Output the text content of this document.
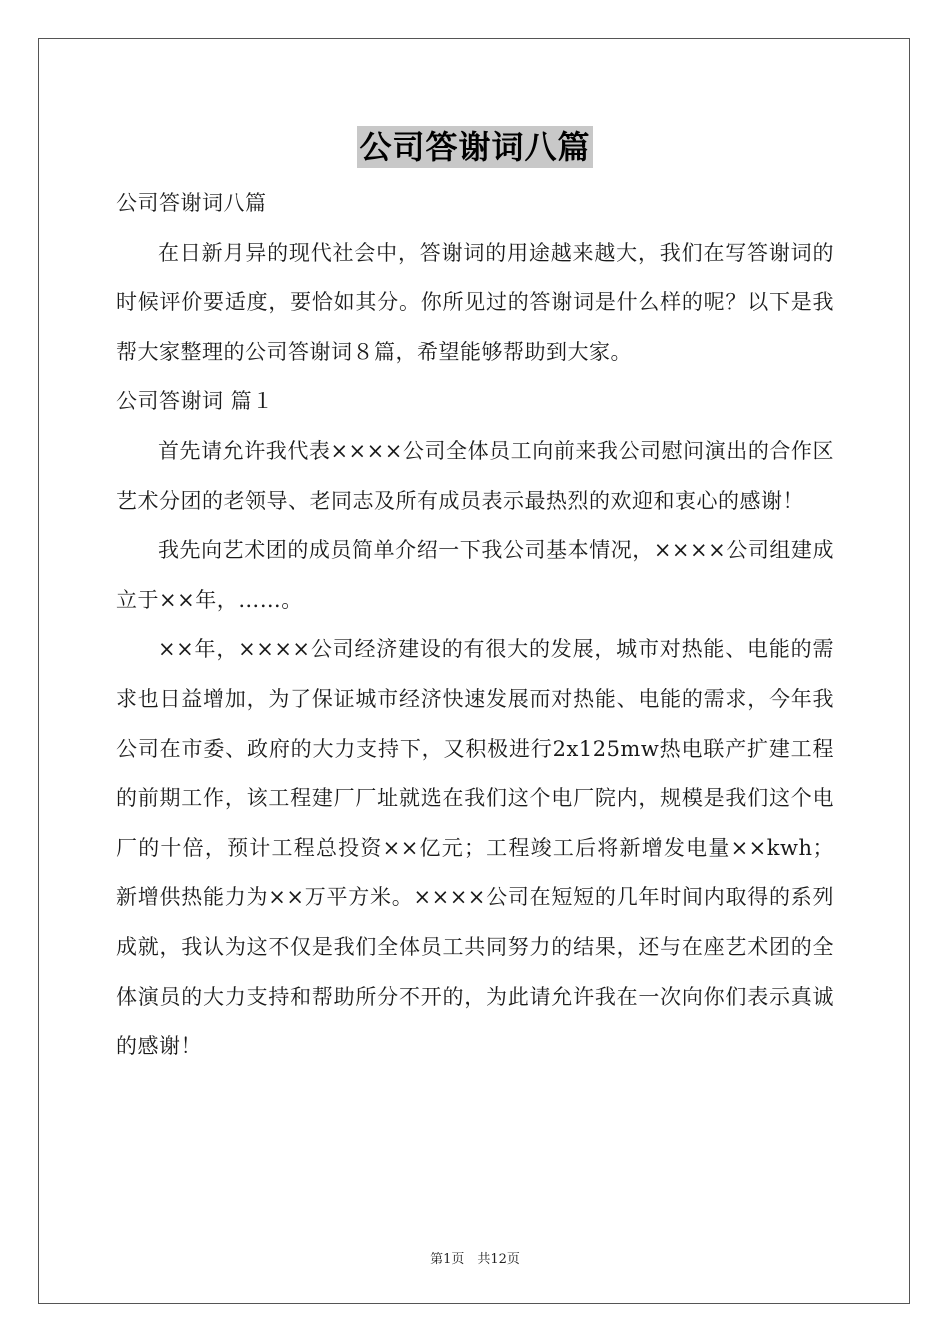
公司答谢词八篇

公司答谢词八篇

在日新月异的现代社会中，答谢词的用途越来越大，我们在写答谢词的时候评价要适度，要恰如其分。你所见过的答谢词是什么样的呢？以下是我帮大家整理的公司答谢词８篇，希望能够帮助到大家。

公司答谢词 篇１

首先请允许我代表××××公司全体员工向前来我公司慰问演出的合作区艺术分团的老领导、老同志及所有成员表示最热烈的欢迎和衷心的感谢！

我先向艺术团的成员简单介绍一下我公司基本情况，××××公司组建成立于××年，……。

××年，××××公司经济建设的有很大的发展，城市对热能、电能的需求也日益增加，为了保证城市经济快速发展而对热能、电能的需求，今年我公司在市委、政府的大力支持下，又积极进行2x125mw热电联产扩建工程的前期工作，该工程建厂厂址就选在我们这个电厂院内，规模是我们这个电厂的十倍，预计工程总投资××亿元；工程竣工后将新增发电量××kwh；新增供热能力为××万平方米。××××公司在短短的几年时间内取得的系列成就，我认为这不仅是我们全体员工共同努力的结果，还与在座艺术团的全体演员的大力支持和帮助所分不开的，为此请允许我在一次向你们表示真诚的感谢！

第1页　共12页
